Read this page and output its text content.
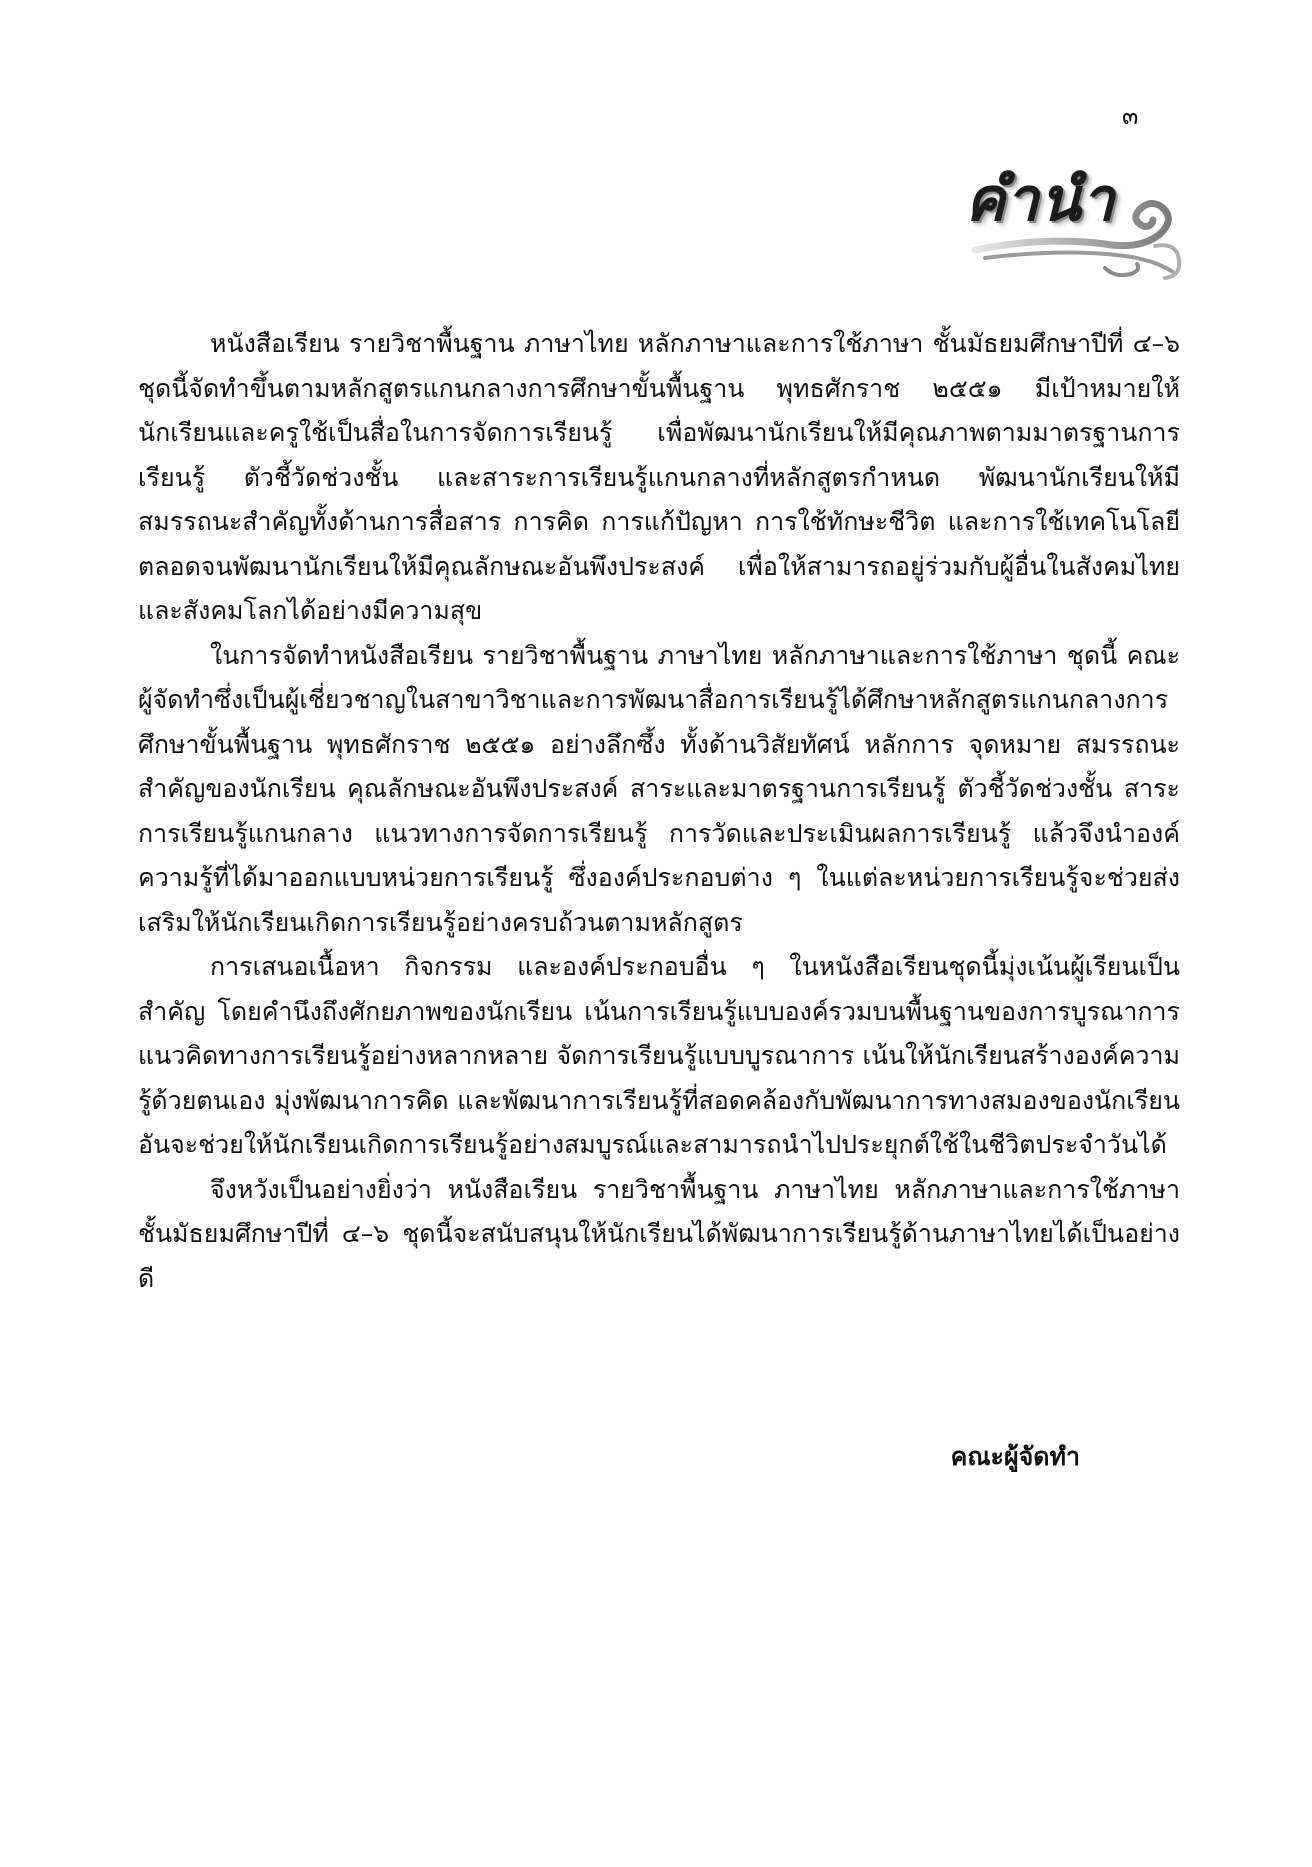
๓
คำนำ

หนังสือเรียน รายวิชาพื้นฐาน ภาษาไทย หลักภาษาและการใช้ภาษา ชั้นมัธยมศึกษาปีที่ ๔–๖ ชุดนี้จัดทำขึ้นตามหลักสูตรแกนกลางการศึกษาขั้นพื้นฐาน พุทธศักราช ๒๕๕๑ มีเป้าหมายให้นักเรียนและครูใช้เป็นสื่อในการจัดการเรียนรู้ เพื่อพัฒนานักเรียนให้มีคุณภาพตามมาตรฐานการเรียนรู้ ตัวชี้วัดช่วงชั้น และสาระการเรียนรู้แกนกลางที่หลักสูตรกำหนด พัฒนานักเรียนให้มีสมรรถนะสำคัญทั้งด้านการสื่อสาร การคิด การแก้ปัญหา การใช้ทักษะชีวิต และการใช้เทคโนโลยี ตลอดจนพัฒนานักเรียนให้มีคุณลักษณะอันพึงประสงค์ เพื่อให้สามารถอยู่ร่วมกับผู้อื่นในสังคมไทยและสังคมโลกได้อย่างมีความสุข

ในการจัดทำหนังสือเรียน รายวิชาพื้นฐาน ภาษาไทย หลักภาษาและการใช้ภาษา ชุดนี้ คณะผู้จัดทำซึ่งเป็นผู้เชี่ยวชาญในสาขาวิชาและการพัฒนาสื่อการเรียนรู้ได้ศึกษาหลักสูตรแกนกลางการศึกษาขั้นพื้นฐาน พุทธศักราช ๒๕๕๑ อย่างลึกซึ้ง ทั้งด้านวิสัยทัศน์ หลักการ จุดหมาย สมรรถนะสำคัญของนักเรียน คุณลักษณะอันพึงประสงค์ สาระและมาตรฐานการเรียนรู้ ตัวชี้วัดช่วงชั้น สาระการเรียนรู้แกนกลาง แนวทางการจัดการเรียนรู้ การวัดและประเมินผลการเรียนรู้ แล้วจึงนำองค์ความรู้ที่ได้มาออกแบบหน่วยการเรียนรู้ ซึ่งองค์ประกอบต่าง ๆ ในแต่ละหน่วยการเรียนรู้จะช่วยส่งเสริมให้นักเรียนเกิดการเรียนรู้อย่างครบถ้วนตามหลักสูตร

การเสนอเนื้อหา กิจกรรม และองค์ประกอบอื่น ๆ ในหนังสือเรียนชุดนี้มุ่งเน้นผู้เรียนเป็นสำคัญ โดยคำนึงถึงศักยภาพของนักเรียน เน้นการเรียนรู้แบบองค์รวมบนพื้นฐานของการบูรณาการแนวคิดทางการเรียนรู้อย่างหลากหลาย จัดการเรียนรู้แบบบูรณาการ เน้นให้นักเรียนสร้างองค์ความรู้ด้วยตนเอง มุ่งพัฒนาการคิด และพัฒนาการเรียนรู้ที่สอดคล้องกับพัฒนาการทางสมองของนักเรียน อันจะช่วยให้นักเรียนเกิดการเรียนรู้อย่างสมบูรณ์และสามารถนำไปประยุกต์ใช้ในชีวิตประจำวันได้

จึงหวังเป็นอย่างยิ่งว่า หนังสือเรียน รายวิชาพื้นฐาน ภาษาไทย หลักภาษาและการใช้ภาษา ชั้นมัธยมศึกษาปีที่ ๔–๖ ชุดนี้จะสนับสนุนให้นักเรียนได้พัฒนาการเรียนรู้ด้านภาษาไทยได้เป็นอย่างดี

คณะผู้จัดทำ
